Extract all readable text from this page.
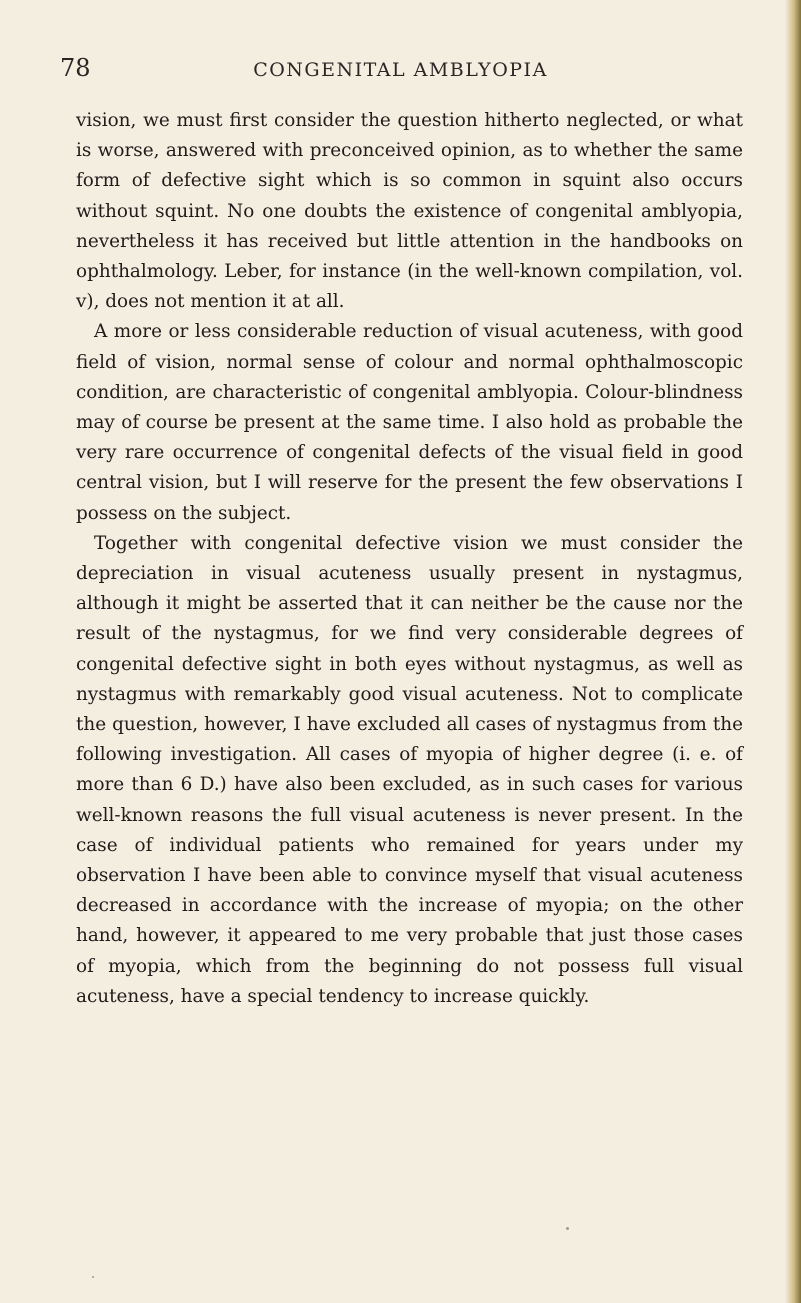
78	CONGENITAL AMBLYOPIA

vision, we must first consider the question hitherto neglected, or what is worse, answered with preconceived opinion, as to whether the same form of defective sight which is so common in squint also occurs without squint. No one doubts the existence of congenital amblyopia, nevertheless it has received but little attention in the handbooks on ophthalmology. Leber, for instance (in the well-known compilation, vol. v), does not mention it at all.

A more or less considerable reduction of visual acuteness, with good field of vision, normal sense of colour and normal ophthalmoscopic condition, are characteristic of congenital amblyopia. Colour-blindness may of course be present at the same time. I also hold as probable the very rare occurrence of congenital defects of the visual field in good central vision, but I will reserve for the present the few observations I possess on the subject.

Together with congenital defective vision we must consider the depreciation in visual acuteness usually present in nystagmus, although it might be asserted that it can neither be the cause nor the result of the nystagmus, for we find very considerable degrees of congenital defective sight in both eyes without nystagmus, as well as nystagmus with remarkably good visual acuteness. Not to complicate the question, however, I have excluded all cases of nystagmus from the following investigation. All cases of myopia of higher degree (i. e. of more than 6 D.) have also been excluded, as in such cases for various well-known reasons the full visual acuteness is never present. In the case of individual patients who remained for years under my observation I have been able to convince myself that visual acuteness decreased in accordance with the increase of myopia; on the other hand, however, it appeared to me very probable that just those cases of myopia, which from the beginning do not possess full visual acuteness, have a special tendency to increase quickly.
